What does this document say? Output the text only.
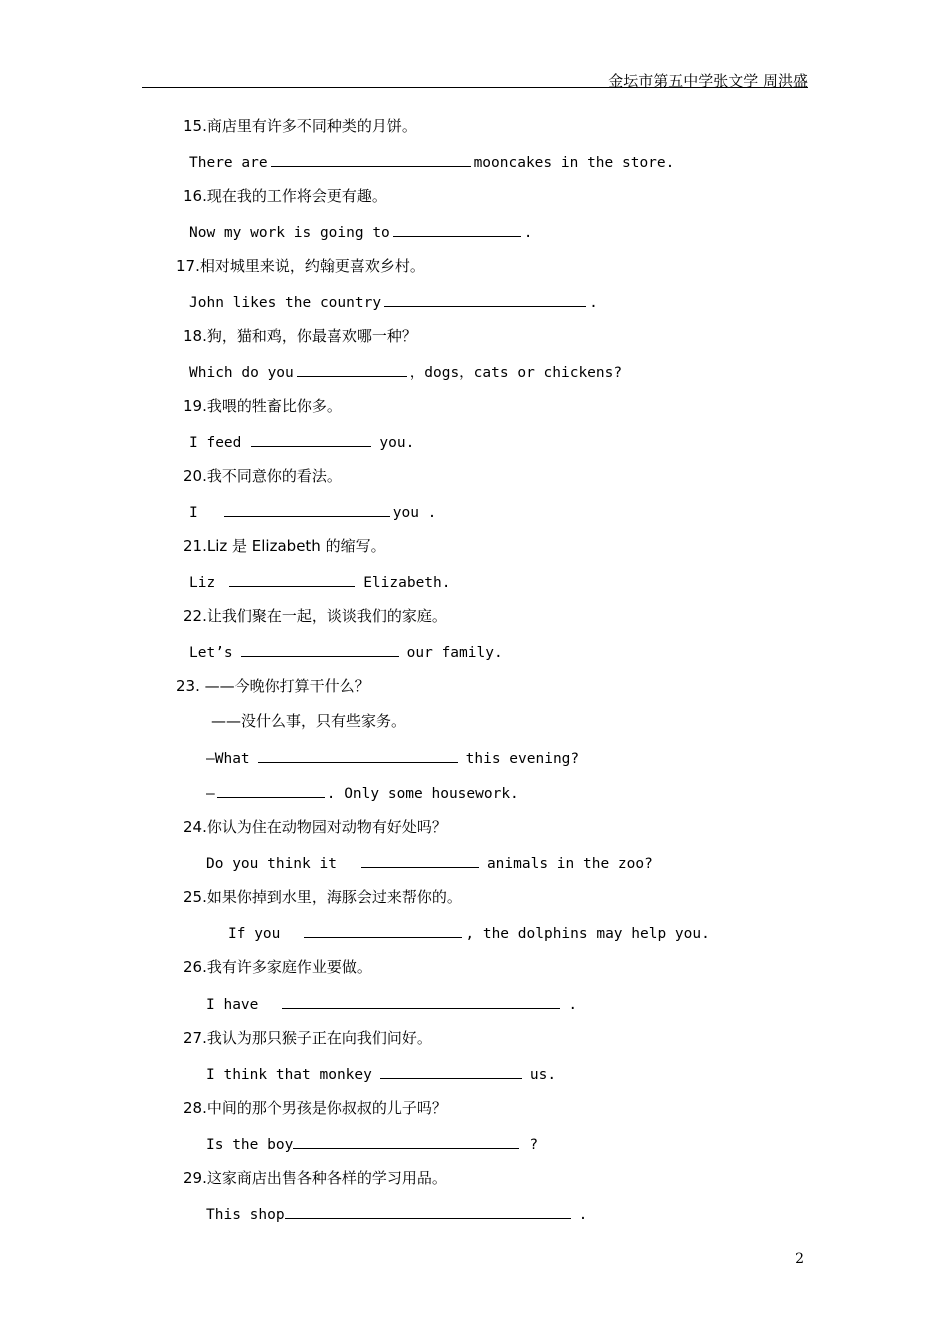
金坛市第五中学张文学 周洪盛
15.商店里有许多不同种类的月饼。
There are	mooncakes in the store.
16.现在我的工作将会更有趣。
Now my work is going to	.
17.相对城里来说，约翰更喜欢乡村。
John likes the country	.
18.狗，猫和鸡，你最喜欢哪一种？
Which do you	，dogs，cats or chickens?
19.我喂的牲畜比你多。
I feed	you.
20.我不同意你的看法。
I	you .
21.Liz 是 Elizabeth 的缩写。
Liz	Elizabeth.
22.让我们聚在一起，谈谈我们的家庭。
Let’s	our family.
23. ——今晚你打算干什么？
——没什么事，只有些家务。
—What	this evening?
—	. Only some housework.
24.你认为住在动物园对动物有好处吗？
Do you think it	animals in the zoo?
25.如果你掉到水里，海豚会过来帮你的。
If you	, the dolphins may help you.
26.我有许多家庭作业要做。
I have	.
27.我认为那只猴子正在向我们问好。
I think that monkey	us.
28.中间的那个男孩是你叔叔的儿子吗？
Is the boy	?
29.这家商店出售各种各样的学习用品。
This shop	.
2
